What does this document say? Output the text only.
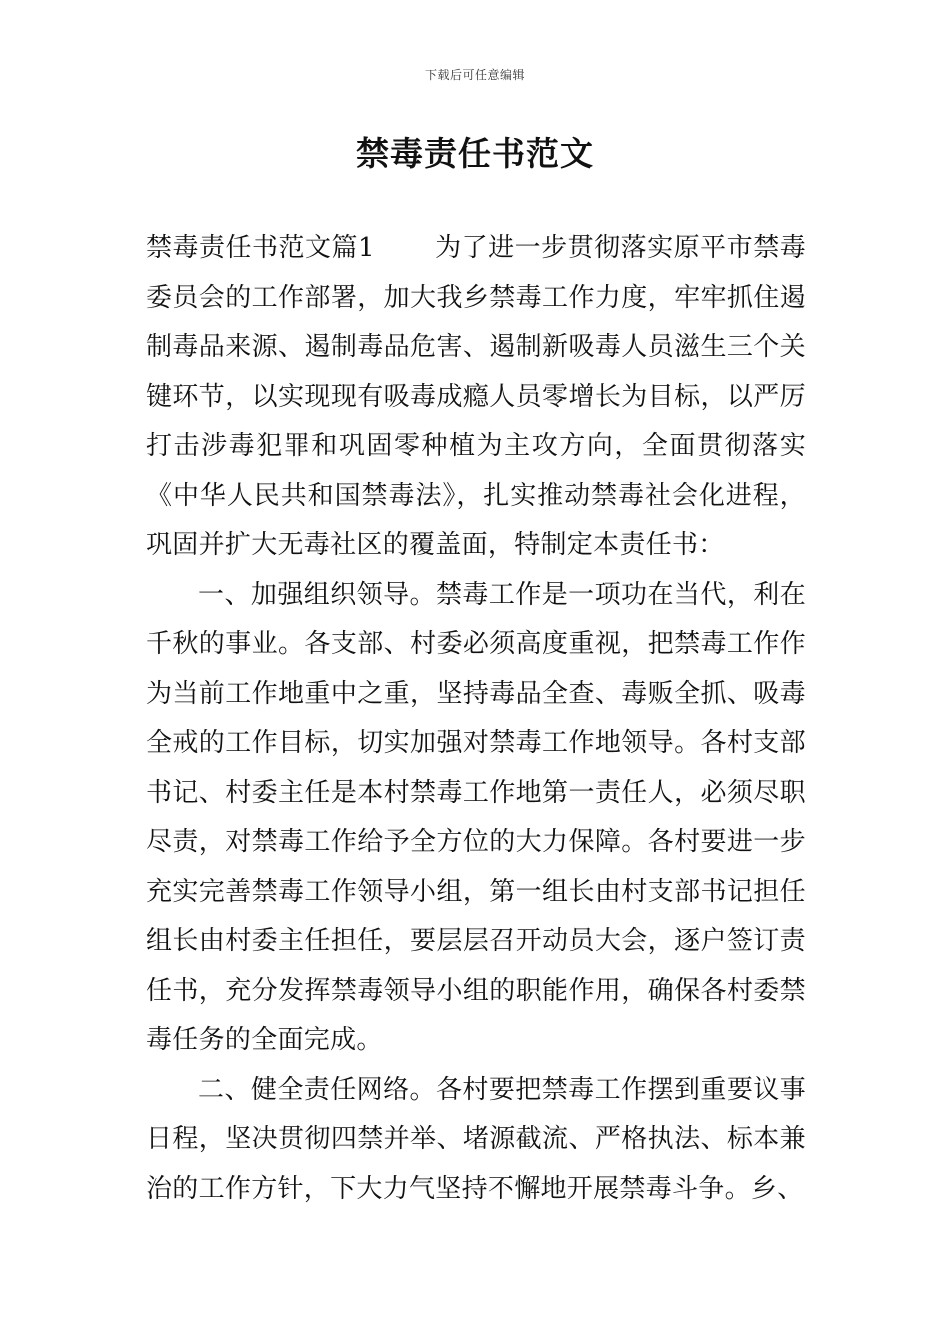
下载后可任意编辑
禁毒责任书范文

禁毒责任书范文篇1 为了进一步贯彻落实原平市禁毒委员会的工作部署，加大我乡禁毒工作力度，牢牢抓住遏制毒品来源、遏制毒品危害、遏制新吸毒人员滋生三个关键环节，以实现现有吸毒成瘾人员零增长为目标，以严厉打击涉毒犯罪和巩固零种植为主攻方向，全面贯彻落实《中华人民共和国禁毒法》，扎实推动禁毒社会化进程，巩固并扩大无毒社区的覆盖面，特制定本责任书：

一、加强组织领导。禁毒工作是一项功在当代，利在千秋的事业。各支部、村委必须高度重视，把禁毒工作作为当前工作地重中之重，坚持毒品全查、毒贩全抓、吸毒全戒的工作目标，切实加强对禁毒工作地领导。各村支部书记、村委主任是本村禁毒工作地第一责任人，必须尽职尽责，对禁毒工作给予全方位的大力保障。各村要进一步充实完善禁毒工作领导小组，第一组长由村支部书记担任组长由村委主任担任，要层层召开动员大会，逐户签订责任书，充分发挥禁毒领导小组的职能作用，确保各村委禁毒任务的全面完成。

二、健全责任网络。各村要把禁毒工作摆到重要议事日程，坚决贯彻四禁并举、堵源截流、严格执法、标本兼治的工作方针，下大力气坚持不懈地开展禁毒斗争。乡、
